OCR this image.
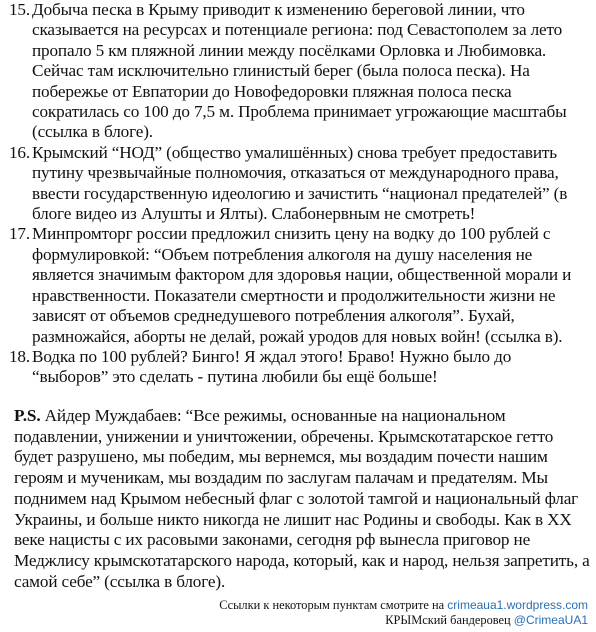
15. Добыча песка в Крыму приводит к изменению береговой линии, что сказывается на ресурсах и потенциале региона: под Севастополем за лето пропало 5 км пляжной линии между посёлками Орловка и Любимовка. Сейчас там исключительно глинистый берег (была полоса песка). На побережье от Евпатории до Новофедоровки пляжная полоса песка сократилась со 100 до 7,5 м. Проблема принимает угрожающие масштабы (ссылка в блоге).
16. Крымский “НОД” (общество умалишённых) снова требует предоставить путину чрезвычайные полномочия, отказаться от международного права, ввести государственную идеологию и зачистить “национал предателей” (в блоге видео из Алушты и Ялты). Слабонервным не смотреть!
17. Минпромторг россии предложил снизить цену на водку до 100 рублей с формулировкой: “Объем потребления алкоголя на душу населения не является значимым фактором для здоровья нации, общественной морали и нравственности. Показатели смертности и продолжительности жизни не зависят от объемов среднедушевого потребления алкоголя”. Бухай, размножайся, аборты не делай, рожай уродов для новых войн! (ссылка в).
18. Водка по 100 рублей? Бинго! Я ждал этого! Браво! Нужно было до “выборов” это сделать - путина любили бы ещё больше!
P.S. Айдер Муждабаев: “Все режимы, основанные на национальном подавлении, унижении и уничтожении, обречены. Крымскотатарское гетто будет разрушено, мы победим, мы вернемся, мы воздадим почести нашим героям и мученикам, мы воздадим по заслугам палачам и предателям. Мы поднимем над Крымом небесный флаг с золотой тамгой и национальный флаг Украины, и больше никто никогда не лишит нас Родины и свободы. Как в XX веке нацисты с их расовыми законами, сегодня рф вынесла приговор не Меджлису крымскотатарского народа, который, как и народ, нельзя запретить, а самой себе” (ссылка в блоге).
Ссылки к некоторым пунктам смотрите на crimeaua1.wordpress.com
КРЫМский бандеровец @CrimeaUA1
